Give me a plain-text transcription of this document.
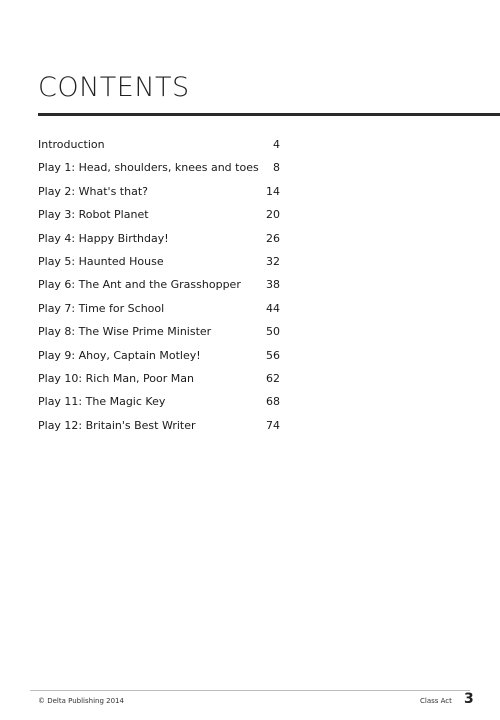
CONTENTS
Introduction	4
Play 1: Head, shoulders, knees and toes	8
Play 2: What's that?	14
Play 3: Robot Planet	20
Play 4: Happy Birthday!	26
Play 5: Haunted House	32
Play 6: The Ant and the Grasshopper	38
Play 7: Time for School	44
Play 8: The Wise Prime Minister	50
Play 9: Ahoy, Captain Motley!	56
Play 10: Rich Man, Poor Man	62
Play 11: The Magic Key	68
Play 12: Britain's Best Writer	74
© Delta Publishing 2014	Class Act 3
